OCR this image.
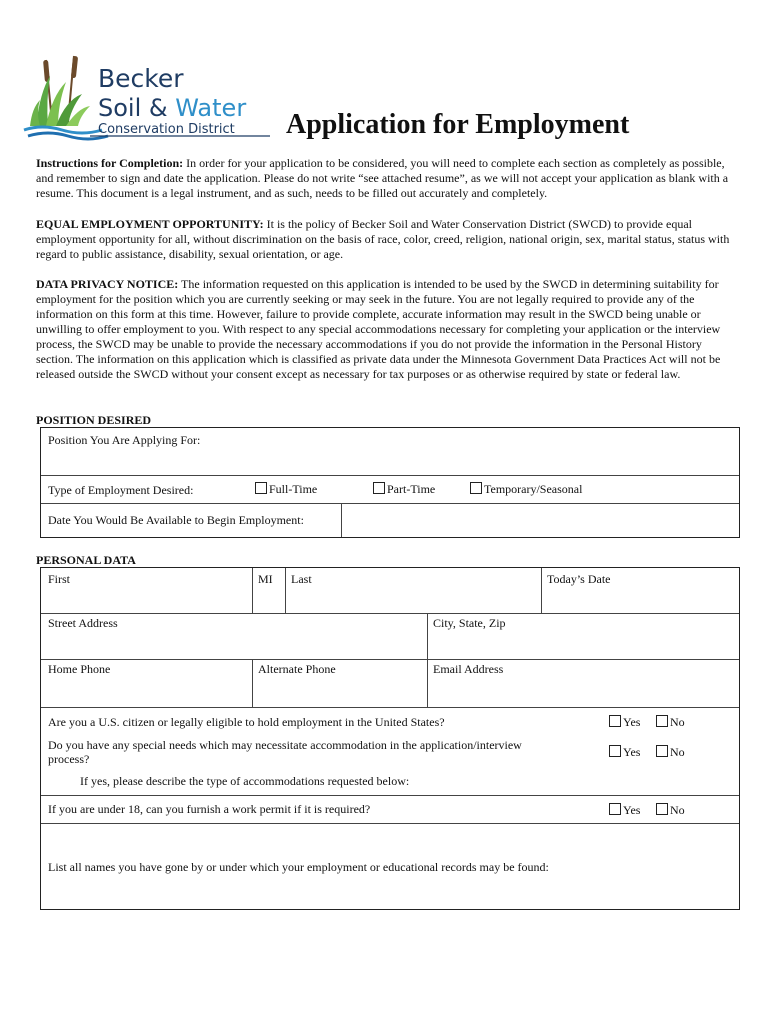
Becker
Soil & Water
Conservation District Application for Employment

Instructions for Completion: In order for your application to be considered, you will need to complete each section as completely as possible, and remember to sign and date the application. Please do not write “see attached resume”, as we will not accept your application as blank with a resume. This document is a legal instrument, and as such, needs to be filled out accurately and completely.

EQUAL EMPLOYMENT OPPORTUNITY: It is the policy of Becker Soil and Water Conservation District (SWCD) to provide equal employment opportunity for all, without discrimination on the basis of race, color, creed, religion, national origin, sex, marital status, status with regard to public assistance, disability, sexual orientation, or age.

DATA PRIVACY NOTICE: The information requested on this application is intended to be used by the SWCD in determining suitability for employment for the position which you are currently seeking or may seek in the future. You are not legally required to provide any of the information on this form at this time. However, failure to provide complete, accurate information may result in the SWCD being unable or unwilling to offer employment to you. With respect to any special accommodations necessary for completing your application or the interview process, the SWCD may be unable to provide the necessary accommodations if you do not provide the information in the Personal History section. The information on this application which is classified as private data under the Minnesota Government Data Practices Act will not be released outside the SWCD without your consent except as necessary for tax purposes or as otherwise required by state or federal law.

POSITION DESIRED
Position You Are Applying For:
Type of Employment Desired:	Full-Time	Part-Time	Temporary/Seasonal
Date You Would Be Available to Begin Employment:
PERSONAL DATA
First	MI Last	Today’s Date
Street Address	City, State, Zip
Home Phone	Alternate Phone	Email Address
Are you a U.S. citizen or legally eligible to hold employment in the United States?	Yes	No
Do you have any special needs which may necessitate accommodation in the application/interview
process?	Yes	No
If yes, please describe the type of accommodations requested below:
If you are under 18, can you furnish a work permit if it is required?	Yes	No
List all names you have gone by or under which your employment or educational records may be found:
